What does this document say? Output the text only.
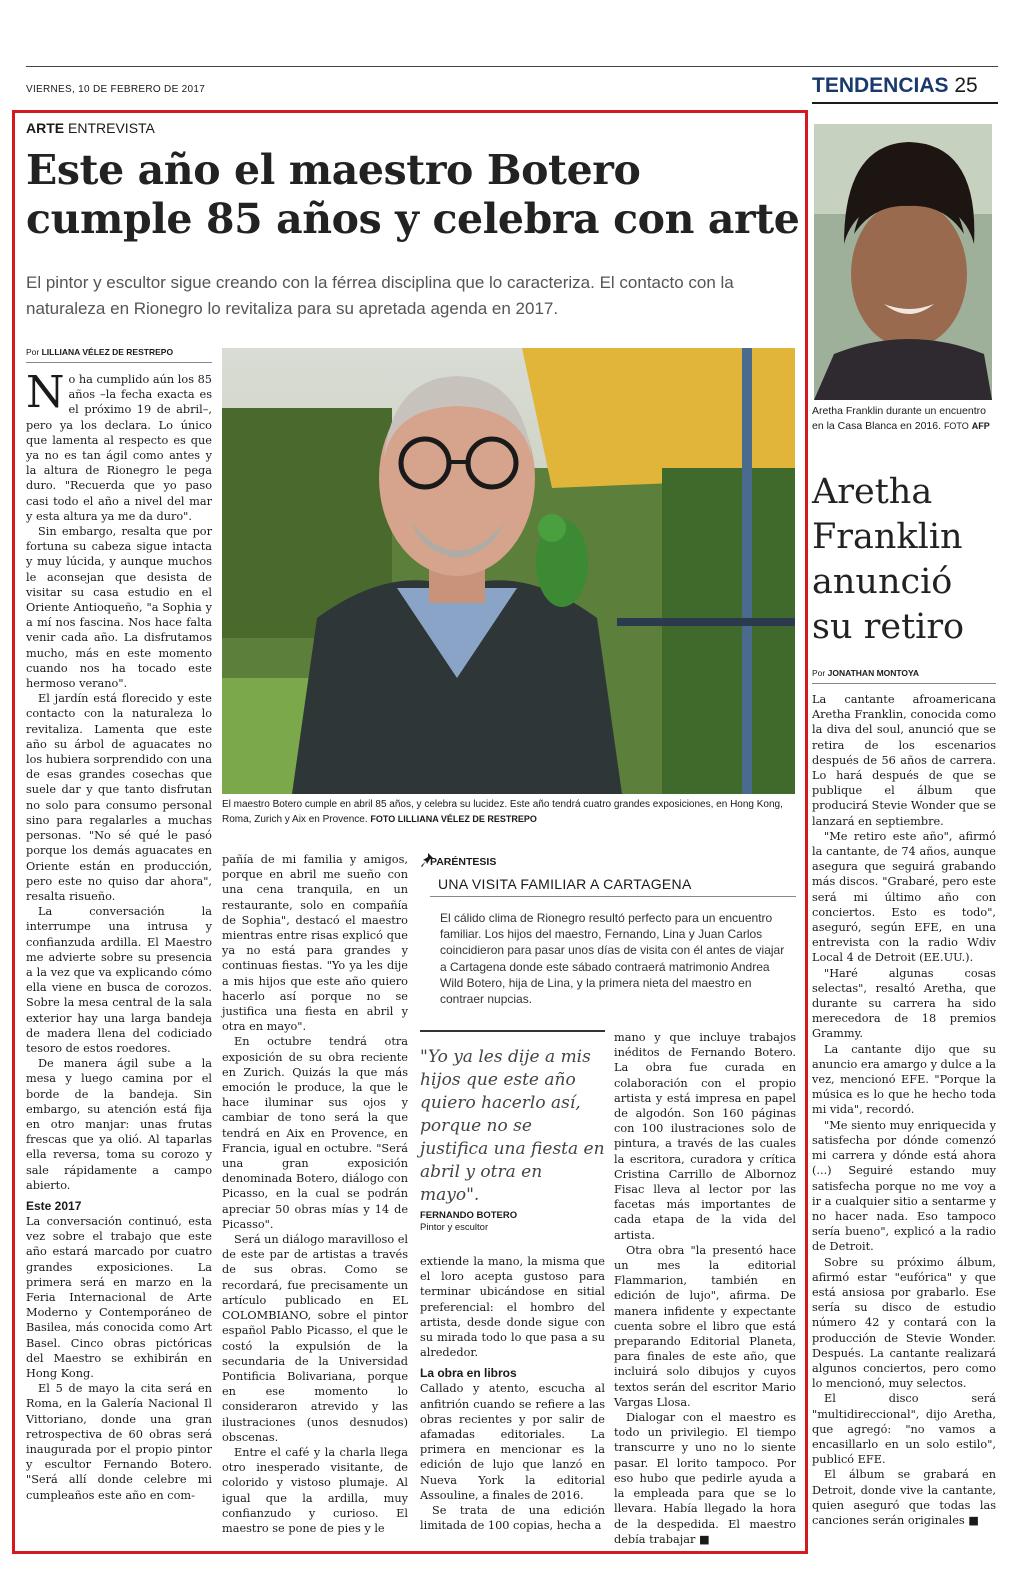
VIERNES, 10 DE FEBRERO DE 2017	TENDENCIAS 25
ARTE ENTREVISTA
Este año el maestro Botero cumple 85 años y celebra con arte
El pintor y escultor sigue creando con la férrea disciplina que lo caracteriza. El contacto con la naturaleza en Rionegro lo revitaliza para su apretada agenda en 2017.
Por LILLIANA VÉLEZ DE RESTREPO
N o ha cumplido aún los 85 años –la fecha exacta es el próximo 19 de abril–, pero ya los declara. Lo único que lamenta al respecto es que ya no es tan ágil como antes y la altura de Rionegro le pega duro. "Recuerda que yo paso casi todo el año a nivel del mar y esta altura ya me da duro".

Sin embargo, resalta que por fortuna su cabeza sigue intacta y muy lúcida, y aunque muchos le aconsejan que desista de visitar su casa estudio en el Oriente Antioqueño, "a Sophia y a mí nos fascina. Nos hace falta venir cada año. La disfrutamos mucho, más en este momento cuando nos ha tocado este hermoso verano".

El jardín está florecido y este contacto con la naturaleza lo revitaliza. Lamenta que este año su árbol de aguacates no los hubiera sorprendido con una de esas grandes cosechas que suele dar y que tanto disfrutan no solo para consumo personal sino para regalarles a muchas personas. "No sé qué le pasó porque los demás aguacates en Oriente están en producción, pero este no quiso dar ahora", resalta risueño.

La conversación la interrumpe una intrusa y confianzuda ardilla. El Maestro me advierte sobre su presencia a la vez que va explicando cómo ella viene en busca de corozos. Sobre la mesa central de la sala exterior hay una larga bandeja de madera llena del codiciado tesoro de estos roedores.

De manera ágil sube a la mesa y luego camina por el borde de la bandeja. Sin embargo, su atención está fija en otro manjar: unas frutas frescas que ya olió. Al taparlas ella reversa, toma su corozo y sale rápidamente a campo abierto.

Este 2017

La conversación continuó, esta vez sobre el trabajo que este año estará marcado por cuatro grandes exposiciones. La primera será en marzo en la Feria Internacional de Arte Moderno y Contemporáneo de Basilea, más conocida como Art Basel. Cinco obras pictóricas del Maestro se exhibirán en Hong Kong.

El 5 de mayo la cita será en Roma, en la Galería Nacional Il Vittoriano, donde una gran retrospectiva de 60 obras será inaugurada por el propio pintor y escultor Fernando Botero. "Será allí donde celebre mi cumpleaños este año en com-

El maestro Botero cumple en abril 85 años, y celebra su lucidez. Este año tendrá cuatro grandes exposiciones, en Hong Kong, Roma, Zurich y Aix en Provence. FOTO LILLIANA VÉLEZ DE RESTREPO

pañía de mi familia y amigos, porque en abril me sueño con una cena tranquila, en un restaurante, solo en compañía de Sophia", destacó el maestro mientras entre risas explicó que ya no está para grandes y continuas fiestas. "Yo ya les dije a mis hijos que este año quiero hacerlo así porque no se justifica una fiesta en abril y otra en mayo".

En octubre tendrá otra exposición de su obra reciente en Zurich. Quizás la que más emoción le produce, la que le hace iluminar sus ojos y cambiar de tono será la que tendrá en Aix en Provence, en Francia, igual en octubre. "Será una gran exposición denominada Botero, diálogo con Picasso, en la cual se podrán apreciar 50 obras mías y 14 de Picasso".

Será un diálogo maravilloso el de este par de artistas a través de sus obras. Como se recordará, fue precisamente un artículo publicado en EL COLOMBIANO, sobre el pintor español Pablo Picasso, el que le costó la expulsión de la secundaria de la Universidad Pontificia Bolivariana, porque en ese momento lo consideraron atrevido y las ilustraciones (unos desnudos) obscenas.

Entre el café y la charla llega otro inesperado visitante, de colorido y vistoso plumaje. Al igual que la ardilla, muy confianzudo y curioso. El maestro se pone de pies y le

PARÉNTESIS
UNA VISITA FAMILIAR A CARTAGENA
El cálido clima de Rionegro resultó perfecto para un encuentro familiar. Los hijos del maestro, Fernando, Lina y Juan Carlos coincidieron para pasar unos días de visita con él antes de viajar a Cartagena donde este sábado contraerá matrimonio Andrea Wild Botero, hija de Lina, y la primera nieta del maestro en contraer nupcias.
"Yo ya les dije a mis hijos que este año quiero hacerlo así, porque no se justifica una fiesta en abril y otra en mayo".
FERNANDO BOTERO
Pintor y escultor

extiende la mano, la misma que el loro acepta gustoso para terminar ubicándose en sitial preferencial: el hombro del artista, desde donde sigue con su mirada todo lo que pasa a su alrededor.

La obra en libros

Callado y atento, escucha al anfitrión cuando se refiere a las obras recientes y por salir de afamadas editoriales. La primera en mencionar es la edición de lujo que lanzó en Nueva York la editorial Assouline, a finales de 2016.

Se trata de una edición limitada de 100 copias, hecha a

mano y que incluye trabajos inéditos de Fernando Botero. La obra fue curada en colaboración con el propio artista y está impresa en papel de algodón. Son 160 páginas con 100 ilustraciones solo de pintura, a través de las cuales la escritora, curadora y crítica Cristina Carrillo de Albornoz Fisac lleva al lector por las facetas más importantes de cada etapa de la vida del artista.

Otra obra "la presentó hace un mes la editorial Flammarion, también en edición de lujo", afirma. De manera infidente y expectante cuenta sobre el libro que está preparando Editorial Planeta, para finales de este año, que incluirá solo dibujos y cuyos textos serán del escritor Mario Vargas Llosa.

Dialogar con el maestro es todo un privilegio. El tiempo transcurre y uno no lo siente pasar. El lorito tampoco. Por eso hubo que pedirle ayuda a la empleada para que se lo llevara. Había llegado la hora de la despedida. El maestro debía trabajar ■

Aretha Franklin durante un encuentro en la Casa Blanca en 2016. FOTO AFP
Aretha Franklin anunció su retiro
Por JONATHAN MONTOYA

La cantante afroamericana Aretha Franklin, conocida como la diva del soul, anunció que se retira de los escenarios después de 56 años de carrera. Lo hará después de que se publique el álbum que producirá Stevie Wonder que se lanzará en septiembre.

"Me retiro este año", afirmó la cantante, de 74 años, aunque asegura que seguirá grabando más discos. "Grabaré, pero este será mi último año con conciertos. Esto es todo", aseguró, según EFE, en una entrevista con la radio Wdiv Local 4 de Detroit (EE.UU.).

"Haré algunas cosas selectas", resaltó Aretha, que durante su carrera ha sido merecedora de 18 premios Grammy.

La cantante dijo que su anuncio era amargo y dulce a la vez, mencionó EFE. "Porque la música es lo que he hecho toda mi vida", recordó.

"Me siento muy enriquecida y satisfecha por dónde comenzó mi carrera y dónde está ahora (...) Seguiré estando muy satisfecha porque no me voy a ir a cualquier sitio a sentarme y no hacer nada. Eso tampoco sería bueno", explicó a la radio de Detroit.

Sobre su próximo álbum, afirmó estar "eufórica" y que está ansiosa por grabarlo. Ese sería su disco de estudio número 42 y contará con la producción de Stevie Wonder. Después. La cantante realizará algunos conciertos, pero como lo mencionó, muy selectos.

El disco será "multidireccional", dijo Aretha, que agregó: "no vamos a encasillarlo en un solo estilo", publicó EFE.

El álbum se grabará en Detroit, donde vive la cantante, quien aseguró que todas las canciones serán originales ■
